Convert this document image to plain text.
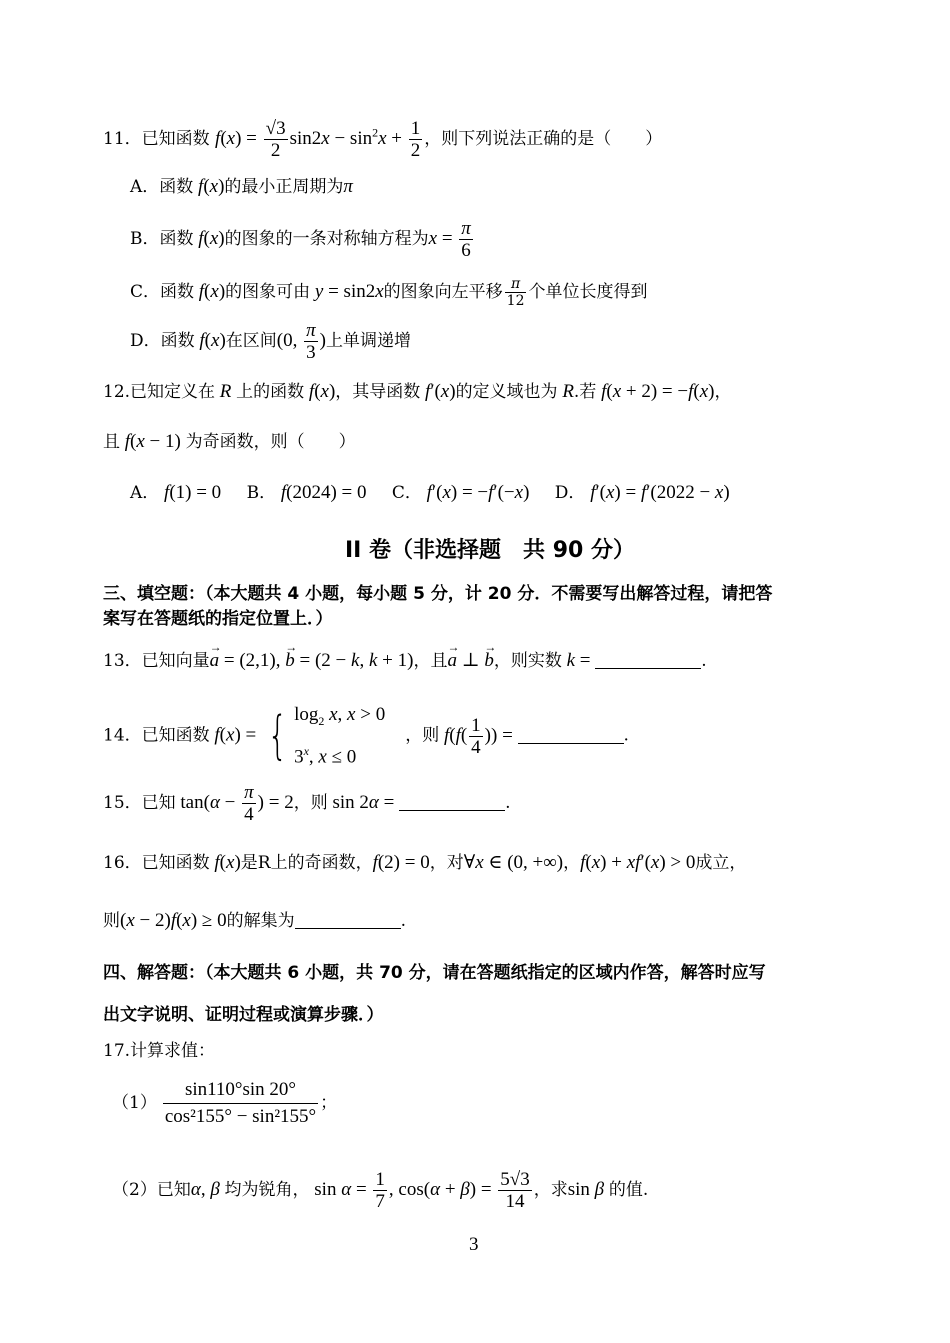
11．已知函数 $f(x) = \frac{√3}{2} \sin 2x - \sin^2x + \frac{1}{2}$ ，则下列说法正确的是（　　）
A．函数 f(x)的最小正周期为π
B．函数 f(x)的图象的一条对称轴方程为$x = \frac{\pi}{6}$
C．函数 f(x)的图象可由 y = sin2x的图象向左平移 $\frac{\pi}{12}$ 个单位长度得到
D．函数 f(x)在区间(0, $\frac{\pi}{3}$ )上单调递增
12.已知定义在 R 上的函数 f(x)，其导函数 f′(x)的定义域也为 R.若 f(x + 2) = −f(x)，
且 f(x − 1) 为奇函数，则（　　）
A． f(1) = 0 B． f(2024) = 0 C． f′(x) = −f′(−x) D． f′(x) = f′(2022 − x)
II 卷（非选择题　共 90 分）
三、填空题：（本大题共 4 小题，每小题 5 分，计 20 分．不需要写出解答过程，请把答
案写在答题纸的指定位置上．）
13．已知向量→ a = (2,1), → b = (2 − k, k + 1)，且→ a ⊥ → b，则实数 k =	.
14．已知函数 f(x) = { $\log_2 x$, x > 0
3$^x$, x ≤ 0
，则 $f(f( \frac{1}{4}$ )) =	.
15．已知 $\tan(\alpha - \frac{\pi}{4}$ ) = 2，则 sin 2α =	.
16．已知函数 f(x)是R上的奇函数，f(2) = 0，对∀x ∈ (0, +∞)，f(x) + xf′(x) > 0成立，
则(x − 2)f(x) ≥ 0的解集为	.
四、解答题：（本大题共 6 小题，共 70 分，请在答题纸指定的区域内作答，解答时应写
出文字说明、证明过程或演算步骤．）
17.计算求值：
$(1) \frac{\sin 110^\circ\sin 20^\circ}{\text{cos²155° − sin²155°}}$ ；
（2）已知α, β 均为锐角， $\sin \alpha = \frac{1}{7}$ , $\cos(\alpha + \beta) = \frac{5√3}{14}$ ，求sin β 的值.
3
